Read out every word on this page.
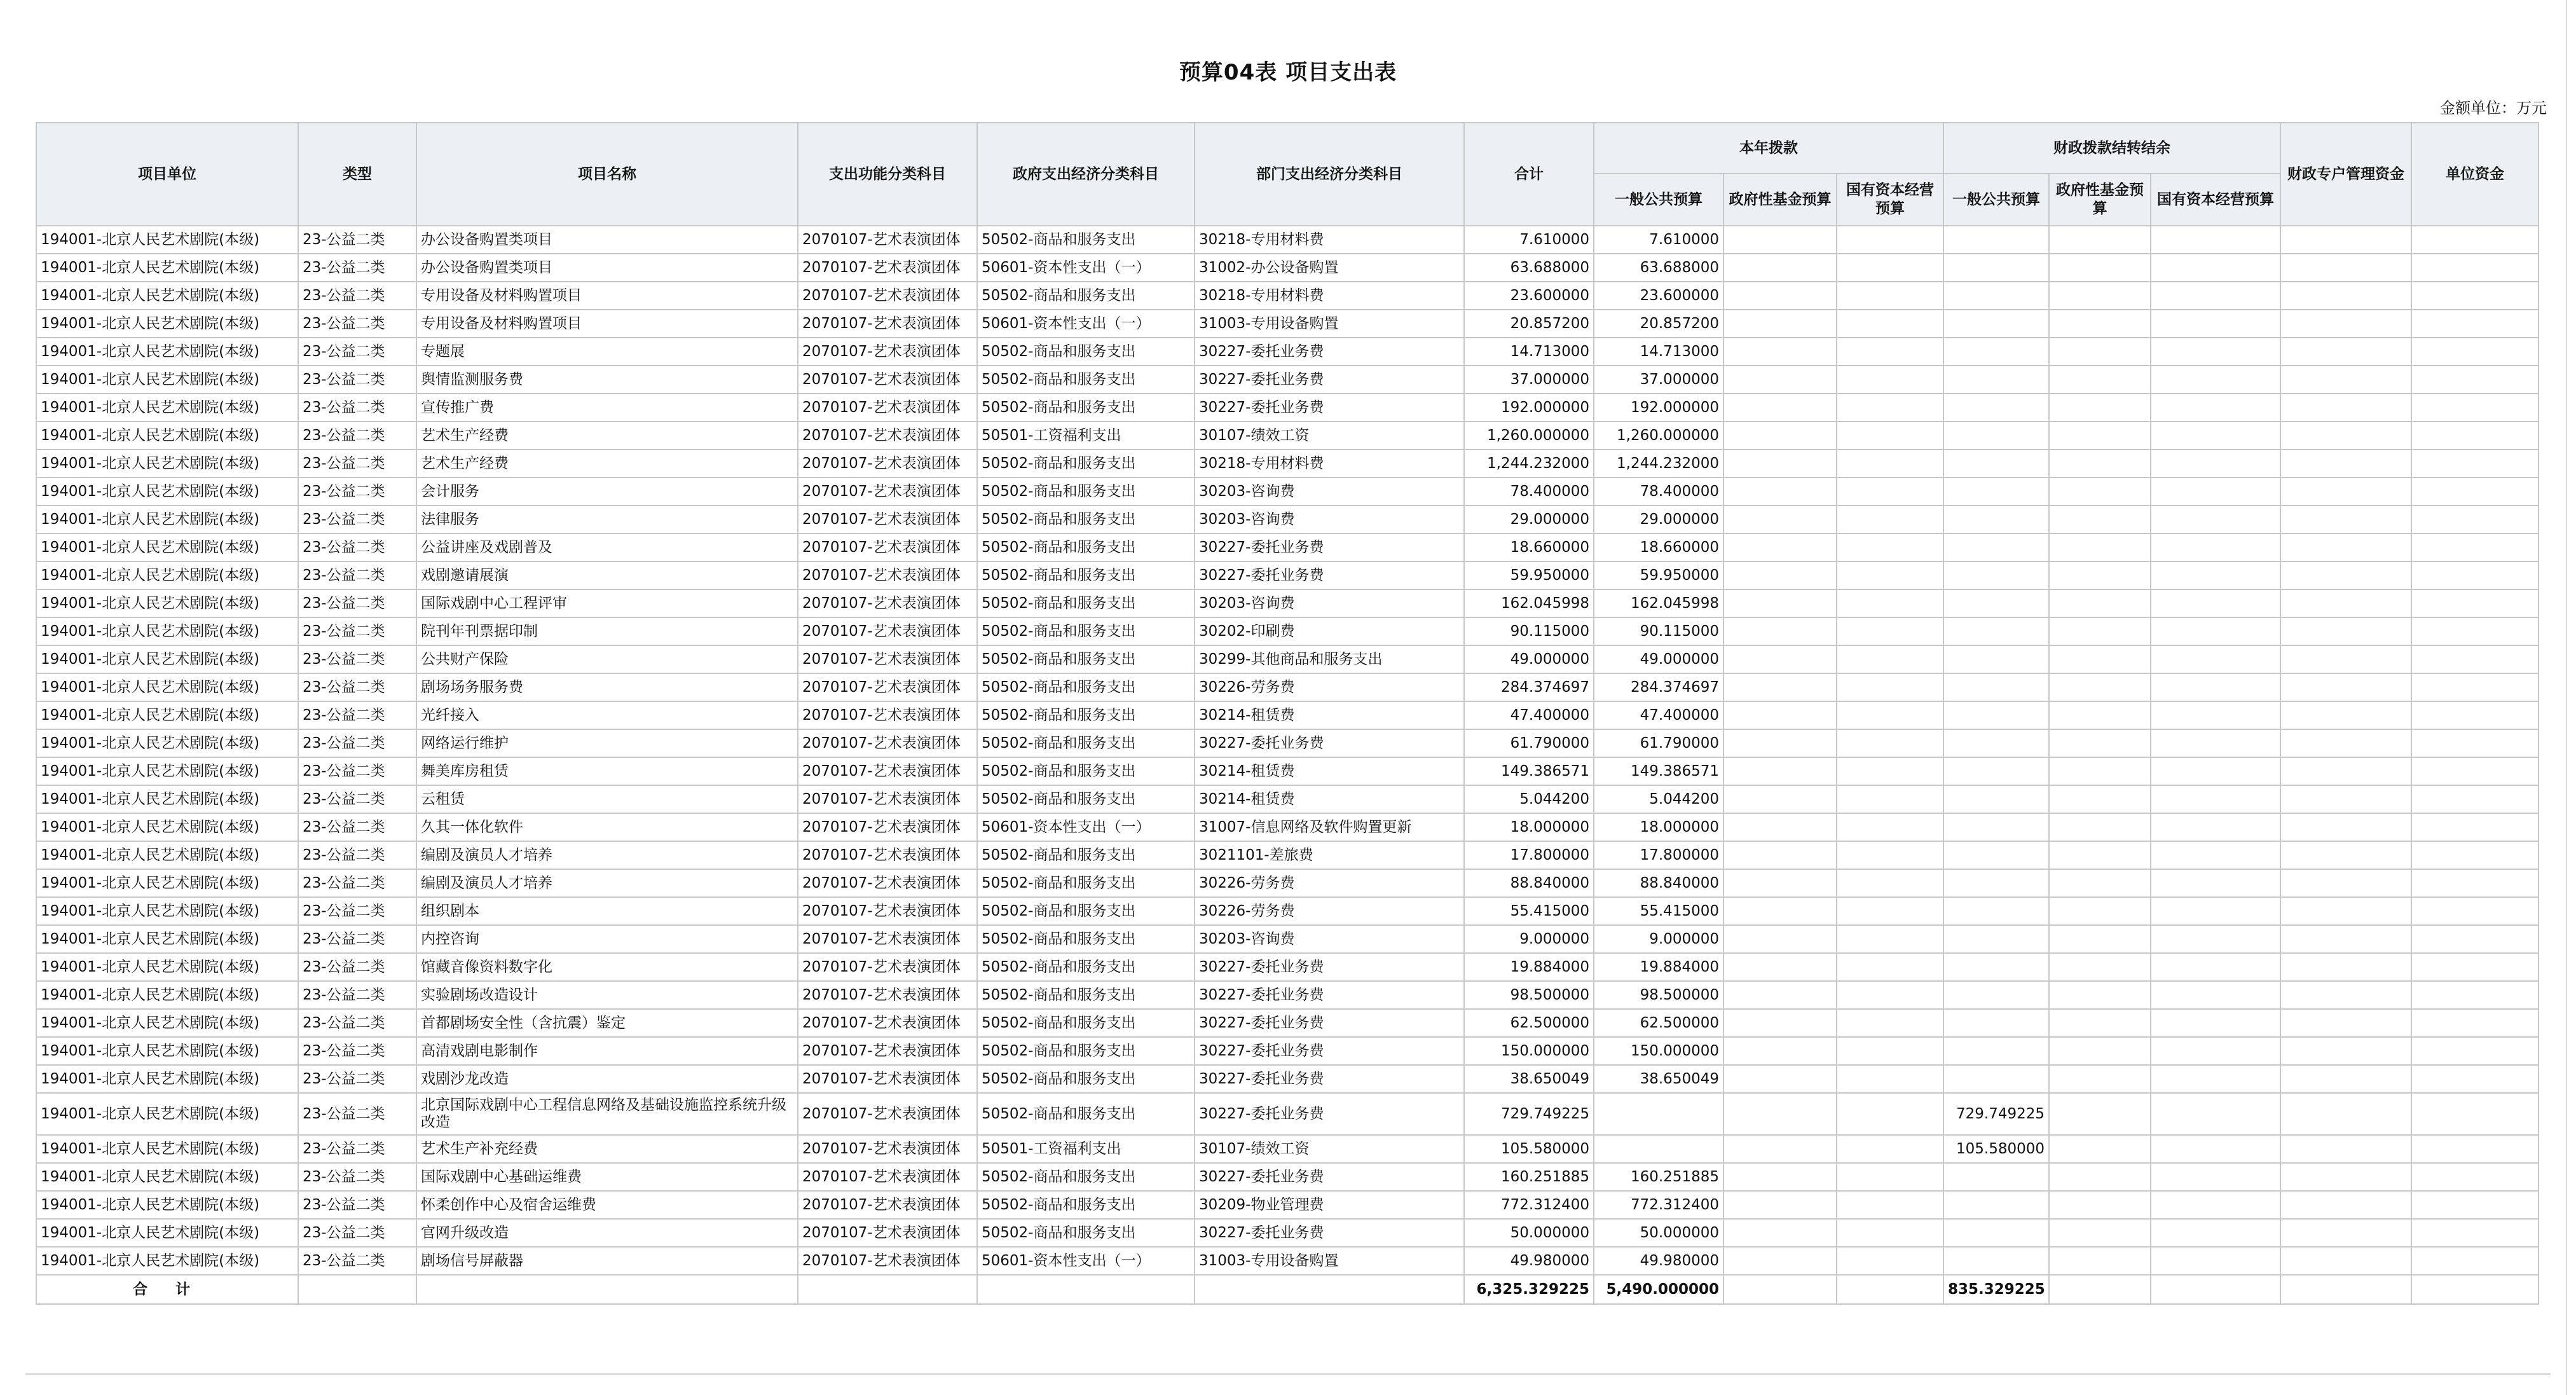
预算04表 项目支出表
金额单位：万元
项目单位	类型	项目名称	支出功能分类科目	政府支出经济分类科目	部门支出经济分类科目	合计	本年拨款			财政拨款结转结余			财政专户管理资金	单位资金
							一般公共预算	政府性基金预算	国有资本经营预算	一般公共预算	政府性基金预算	国有资本经营预算		
194001-北京人民艺术剧院(本级)	23-公益二类	办公设备购置类项目	2070107-艺术表演团体	50502-商品和服务支出	30218-专用材料费	7.610000	7.610000							
194001-北京人民艺术剧院(本级)	23-公益二类	办公设备购置类项目	2070107-艺术表演团体	50601-资本性支出（一）	31002-办公设备购置	63.688000	63.688000							
194001-北京人民艺术剧院(本级)	23-公益二类	专用设备及材料购置项目	2070107-艺术表演团体	50502-商品和服务支出	30218-专用材料费	23.600000	23.600000							
194001-北京人民艺术剧院(本级)	23-公益二类	专用设备及材料购置项目	2070107-艺术表演团体	50601-资本性支出（一）	31003-专用设备购置	20.857200	20.857200							
194001-北京人民艺术剧院(本级)	23-公益二类	专题展	2070107-艺术表演团体	50502-商品和服务支出	30227-委托业务费	14.713000	14.713000							
194001-北京人民艺术剧院(本级)	23-公益二类	舆情监测服务费	2070107-艺术表演团体	50502-商品和服务支出	30227-委托业务费	37.000000	37.000000							
194001-北京人民艺术剧院(本级)	23-公益二类	宣传推广费	2070107-艺术表演团体	50502-商品和服务支出	30227-委托业务费	192.000000	192.000000							
194001-北京人民艺术剧院(本级)	23-公益二类	艺术生产经费	2070107-艺术表演团体	50501-工资福利支出	30107-绩效工资	1,260.000000	1,260.000000							
194001-北京人民艺术剧院(本级)	23-公益二类	艺术生产经费	2070107-艺术表演团体	50502-商品和服务支出	30218-专用材料费	1,244.232000	1,244.232000							
194001-北京人民艺术剧院(本级)	23-公益二类	会计服务	2070107-艺术表演团体	50502-商品和服务支出	30203-咨询费	78.400000	78.400000							
194001-北京人民艺术剧院(本级)	23-公益二类	法律服务	2070107-艺术表演团体	50502-商品和服务支出	30203-咨询费	29.000000	29.000000							
194001-北京人民艺术剧院(本级)	23-公益二类	公益讲座及戏剧普及	2070107-艺术表演团体	50502-商品和服务支出	30227-委托业务费	18.660000	18.660000							
194001-北京人民艺术剧院(本级)	23-公益二类	戏剧邀请展演	2070107-艺术表演团体	50502-商品和服务支出	30227-委托业务费	59.950000	59.950000							
194001-北京人民艺术剧院(本级)	23-公益二类	国际戏剧中心工程评审	2070107-艺术表演团体	50502-商品和服务支出	30203-咨询费	162.045998	162.045998							
194001-北京人民艺术剧院(本级)	23-公益二类	院刊年刊票据印制	2070107-艺术表演团体	50502-商品和服务支出	30202-印刷费	90.115000	90.115000							
194001-北京人民艺术剧院(本级)	23-公益二类	公共财产保险	2070107-艺术表演团体	50502-商品和服务支出	30299-其他商品和服务支出	49.000000	49.000000							
194001-北京人民艺术剧院(本级)	23-公益二类	剧场场务服务费	2070107-艺术表演团体	50502-商品和服务支出	30226-劳务费	284.374697	284.374697							
194001-北京人民艺术剧院(本级)	23-公益二类	光纤接入	2070107-艺术表演团体	50502-商品和服务支出	30214-租赁费	47.400000	47.400000							
194001-北京人民艺术剧院(本级)	23-公益二类	网络运行维护	2070107-艺术表演团体	50502-商品和服务支出	30227-委托业务费	61.790000	61.790000							
194001-北京人民艺术剧院(本级)	23-公益二类	舞美库房租赁	2070107-艺术表演团体	50502-商品和服务支出	30214-租赁费	149.386571	149.386571							
194001-北京人民艺术剧院(本级)	23-公益二类	云租赁	2070107-艺术表演团体	50502-商品和服务支出	30214-租赁费	5.044200	5.044200							
194001-北京人民艺术剧院(本级)	23-公益二类	久其一体化软件	2070107-艺术表演团体	50601-资本性支出（一）	31007-信息网络及软件购置更新	18.000000	18.000000							
194001-北京人民艺术剧院(本级)	23-公益二类	编剧及演员人才培养	2070107-艺术表演团体	50502-商品和服务支出	3021101-差旅费	17.800000	17.800000							
194001-北京人民艺术剧院(本级)	23-公益二类	编剧及演员人才培养	2070107-艺术表演团体	50502-商品和服务支出	30226-劳务费	88.840000	88.840000							
194001-北京人民艺术剧院(本级)	23-公益二类	组织剧本	2070107-艺术表演团体	50502-商品和服务支出	30226-劳务费	55.415000	55.415000							
194001-北京人民艺术剧院(本级)	23-公益二类	内控咨询	2070107-艺术表演团体	50502-商品和服务支出	30203-咨询费	9.000000	9.000000							
194001-北京人民艺术剧院(本级)	23-公益二类	馆藏音像资料数字化	2070107-艺术表演团体	50502-商品和服务支出	30227-委托业务费	19.884000	19.884000							
194001-北京人民艺术剧院(本级)	23-公益二类	实验剧场改造设计	2070107-艺术表演团体	50502-商品和服务支出	30227-委托业务费	98.500000	98.500000							
194001-北京人民艺术剧院(本级)	23-公益二类	首都剧场安全性（含抗震）鉴定	2070107-艺术表演团体	50502-商品和服务支出	30227-委托业务费	62.500000	62.500000							
194001-北京人民艺术剧院(本级)	23-公益二类	高清戏剧电影制作	2070107-艺术表演团体	50502-商品和服务支出	30227-委托业务费	150.000000	150.000000							
194001-北京人民艺术剧院(本级)	23-公益二类	戏剧沙龙改造	2070107-艺术表演团体	50502-商品和服务支出	30227-委托业务费	38.650049	38.650049							
194001-北京人民艺术剧院(本级)	23-公益二类	北京国际戏剧中心工程信息网络及基础设施监控系统升级改造	2070107-艺术表演团体	50502-商品和服务支出	30227-委托业务费	729.749225				729.749225				
194001-北京人民艺术剧院(本级)	23-公益二类	艺术生产补充经费	2070107-艺术表演团体	50501-工资福利支出	30107-绩效工资	105.580000				105.580000				
194001-北京人民艺术剧院(本级)	23-公益二类	国际戏剧中心基础运维费	2070107-艺术表演团体	50502-商品和服务支出	30227-委托业务费	160.251885	160.251885							
194001-北京人民艺术剧院(本级)	23-公益二类	怀柔创作中心及宿舍运维费	2070107-艺术表演团体	50502-商品和服务支出	30209-物业管理费	772.312400	772.312400							
194001-北京人民艺术剧院(本级)	23-公益二类	官网升级改造	2070107-艺术表演团体	50502-商品和服务支出	30227-委托业务费	50.000000	50.000000							
194001-北京人民艺术剧院(本级)	23-公益二类	剧场信号屏蔽器	2070107-艺术表演团体	50601-资本性支出（一）	31003-专用设备购置	49.980000	49.980000							
合 计						6,325.329225	5,490.000000			835.329225				
